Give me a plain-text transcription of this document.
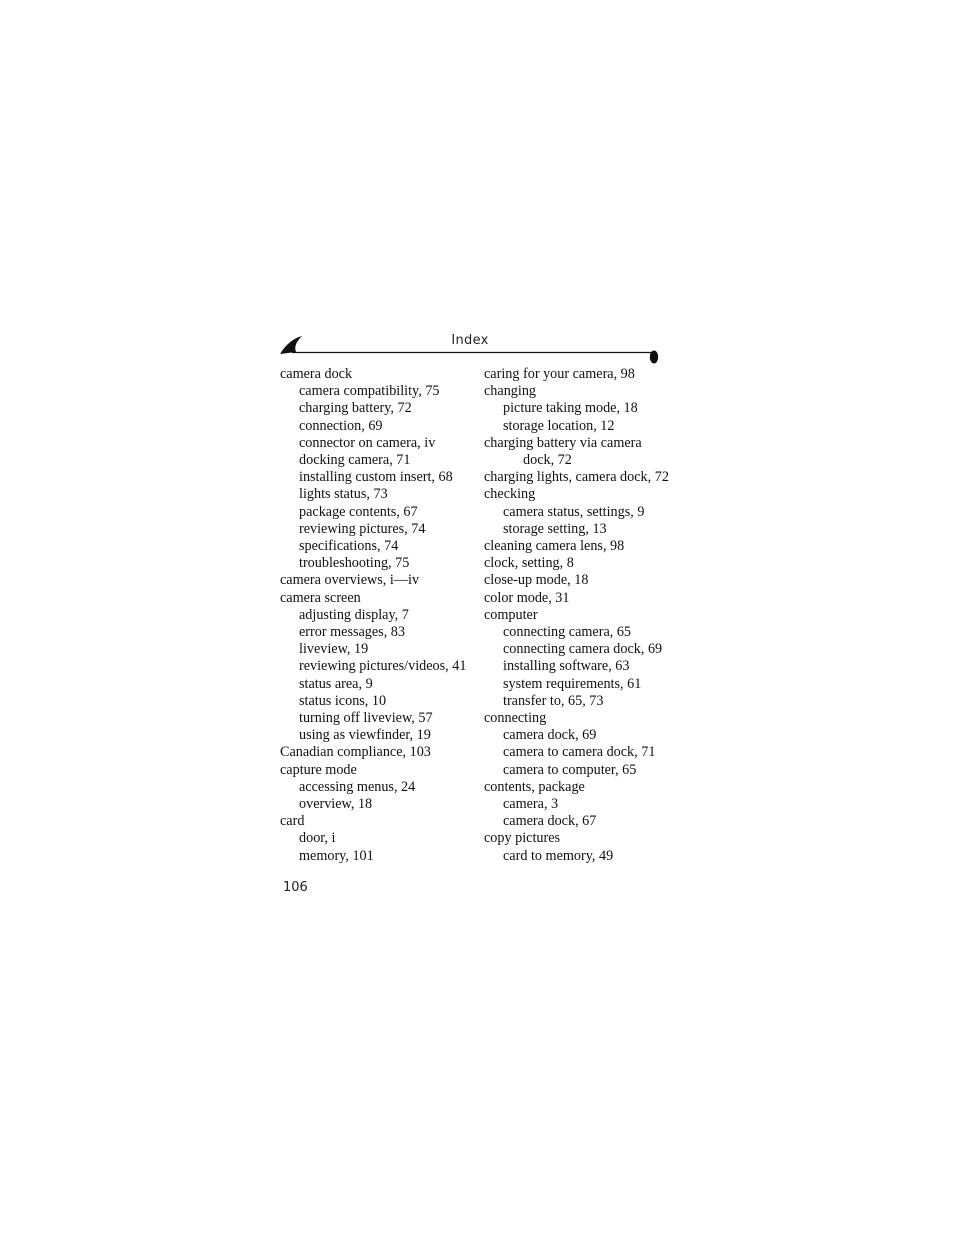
Index
camera dock
camera compatibility, 75
charging battery, 72
connection, 69
connector on camera, iv
docking camera, 71
installing custom insert, 68
lights status, 73
package contents, 67
reviewing pictures, 74
specifications, 74
troubleshooting, 75
camera overviews, i—iv
camera screen
adjusting display, 7
error messages, 83
liveview, 19
reviewing pictures/videos, 41
status area, 9
status icons, 10
turning off liveview, 57
using as viewfinder, 19
Canadian compliance, 103
capture mode
accessing menus, 24
overview, 18
card
door, i
memory, 101
caring for your camera, 98
changing
picture taking mode, 18
storage location, 12
charging battery via camera
dock, 72
charging lights, camera dock, 72
checking
camera status, settings, 9
storage setting, 13
cleaning camera lens, 98
clock, setting, 8
close-up mode, 18
color mode, 31
computer
connecting camera, 65
connecting camera dock, 69
installing software, 63
system requirements, 61
transfer to, 65, 73
connecting
camera dock, 69
camera to camera dock, 71
camera to computer, 65
contents, package
camera, 3
camera dock, 67
copy pictures
card to memory, 49
106
